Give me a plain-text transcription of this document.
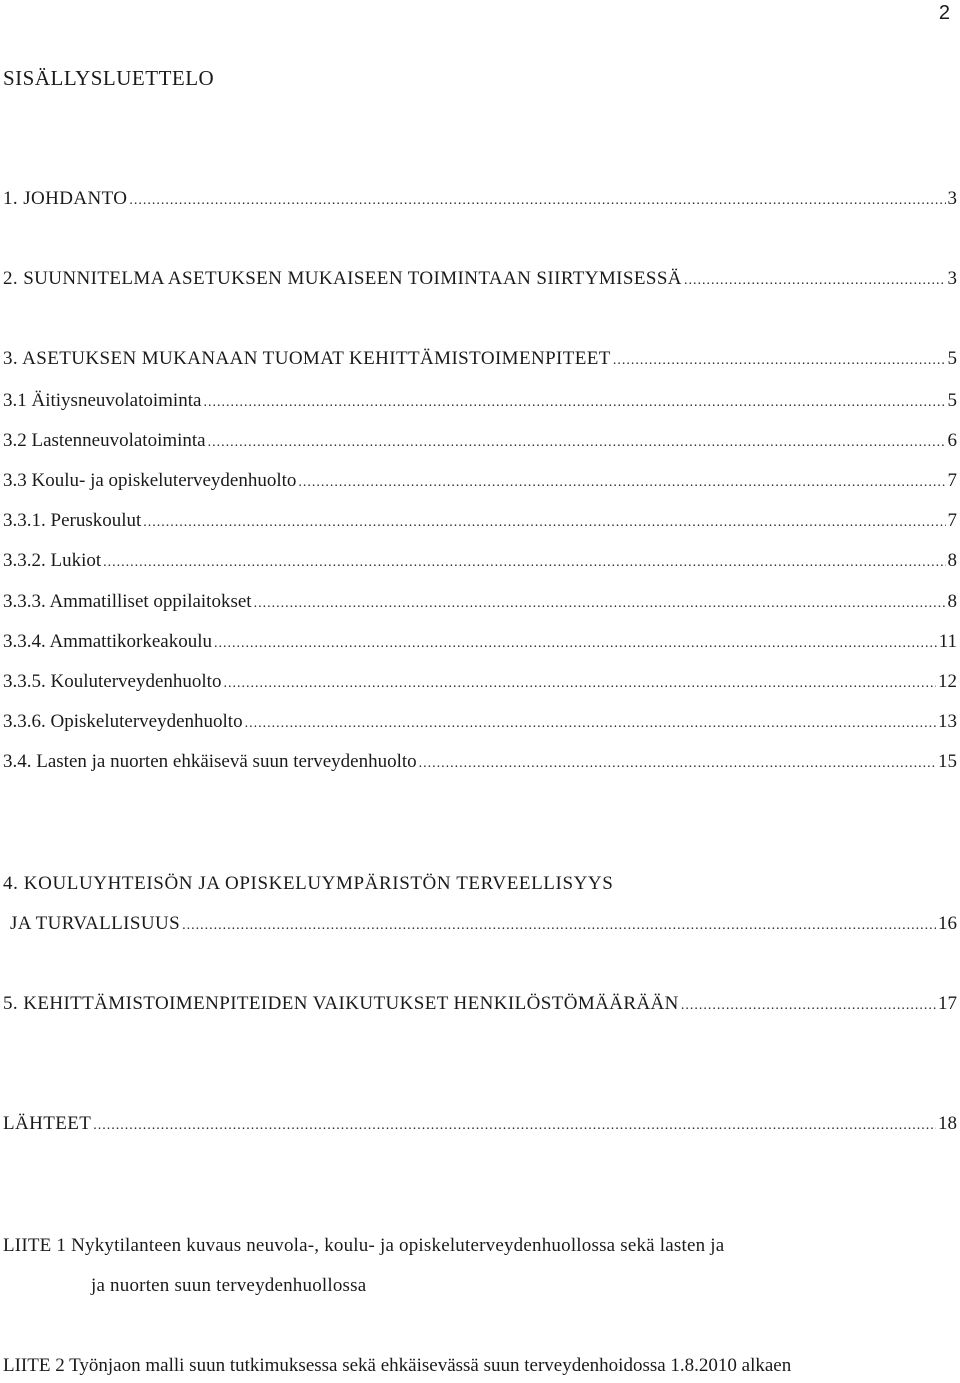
2
SISÄLLYSLUETTELO
1. JOHDANTO .....	3
2. SUUNNITELMA ASETUKSEN MUKAISEEN TOIMINTAAN SIIRTYMISESSÄ .....	3
3. ASETUKSEN MUKANAAN TUOMAT KEHITTÄMISTOIMENPITEET .....	5
3.1 Äitiysneuvolatoiminta .....	5
3.2 Lastenneuvolatoiminta .....	6
3.3 Koulu- ja opiskeluterveydenhuolto .....	7
3.3.1. Peruskoulut .....	7
3.3.2. Lukiot .....	8
3.3.3. Ammatilliset oppilaitokset .....	8
3.3.4. Ammattikorkeakoulu .....	11
3.3.5. Kouluterveydenhuolto .....	12
3.3.6. Opiskeluterveydenhuolto .....	13
3.4. Lasten ja nuorten ehkäisevä suun terveydenhuolto .....	15
4. KOULUYHTEISÖN JA OPISKELUYMPÄRISTÖN TERVEELLISYYS
JA TURVALLISUUS .....	16
5. KEHITTÄMISTOIMENPITEIDEN VAIKUTUKSET HENKILÖSTÖMÄÄRÄÄN .....	17
LÄHTEET .....	18
LIITE 1 Nykytilanteen kuvaus neuvola-, koulu- ja opiskeluterveydenhuollossa sekä lasten ja
ja nuorten suun terveydenhuollossa
LIITE 2 Työnjaon malli suun tutkimuksessa sekä ehkäisevässä suun terveydenhoidossa 1.8.2010 alkaen
